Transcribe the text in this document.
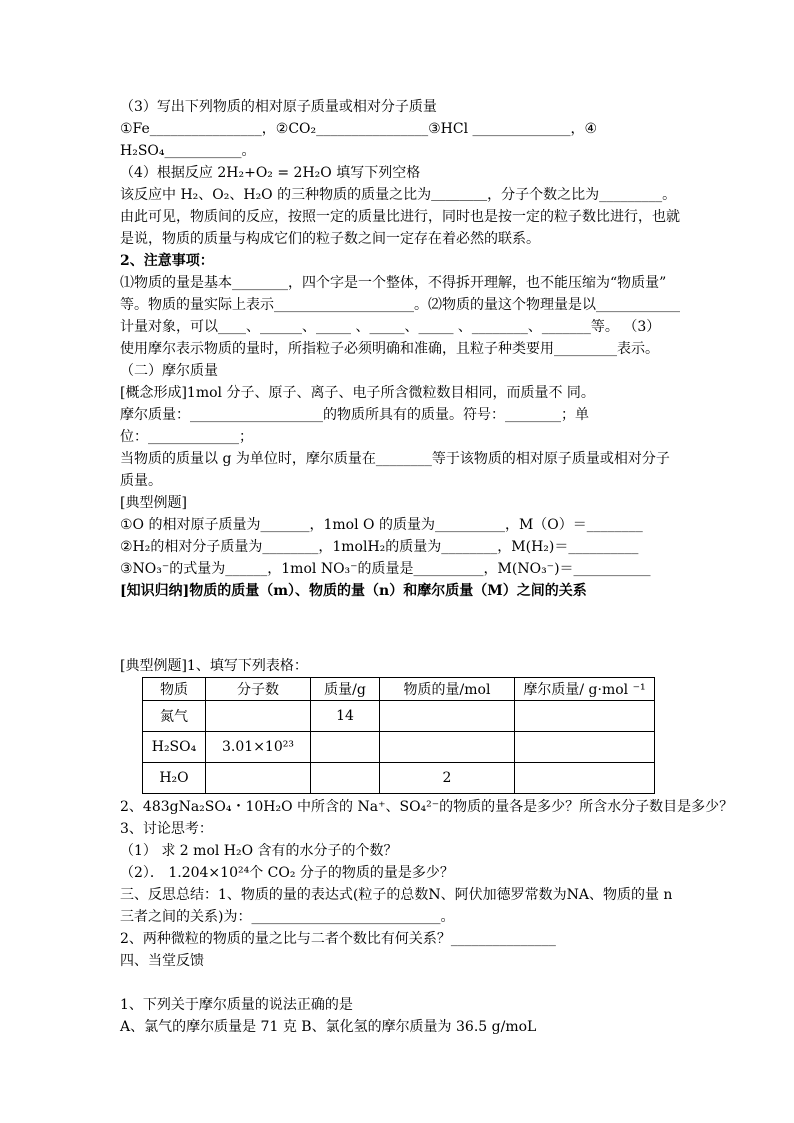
（3）写出下列物质的相对原子质量或相对分子质量
①Fe________________，②CO₂________________③HCl ______________，④
H₂SO₄___________。
（4）根据反应 2H₂+O₂ = 2H₂O 填写下列空格
该反应中 H₂、O₂、H₂O 的三种物质的质量之比为＿＿＿＿，分子个数之比为_________。
由此可见，物质间的反应，按照一定的质量比进行，同时也是按一定的粒子数比进行，也就
是说，物质的质量与构成它们的粒子数之间一定存在着必然的联系。
2、注意事项：
⑴物质的量是基本________，四个字是一个整体，不得拆开理解，也不能压缩为“物质量”
等。物质的量实际上表示____________________。⑵物质的量这个物理量是以____________
计量对象，可以____、______、_____ 、_____、_____ 、________、_______等。 （3）
使用摩尔表示物质的量时，所指粒子必须明确和准确，且粒子种类要用_________表示。
（二）摩尔质量
[概念形成]1mol 分子、原子、离子、电子所含微粒数目相同，而质量不 同。
摩尔质量：___________________的物质所具有的质量。符号：________；单
位：_____________；
当物质的质量以 g 为单位时，摩尔质量在________等于该物质的相对原子质量或相对分子
质量。
[典型例题]
①O 的相对原子质量为_______，1mol O 的质量为__________，M（O）＝________
②H₂的相对分子质量为________，1molH₂的质量为________，M(H₂)＝__________
③NO₃⁻的式量为______，1mol NO₃⁻的质量是__________，M(NO₃⁻)＝___________
[知识归纳]物质的质量（m）、物质的量（n）和摩尔质量（M）之间的关系
[典型例题]1、填写下列表格：
物质	分子数	质量/g	物质的量/mol	摩尔质量/ g·mol ⁻¹
氮气		14		
H₂SO₄	3.01×10²³			
H₂O			2	
2、483gNa₂SO₄・10H₂O 中所含的 Na⁺、SO₄²⁻的物质的量各是多少？所含水分子数目是多少？
3、讨论思考：
（1） 求 2 mol H₂O 含有的水分子的个数？
（2）． 1.204×10²⁴个 CO₂ 分子的物质的量是多少？
三、反思总结：1、物质的量的表达式(粒子的总数N、阿伏加德罗常数为NA、物质的量 n
三者之间的关系)为：___________________________。
2、两种微粒的物质的量之比与二者个数比有何关系？_______________
四、当堂反馈
1、下列关于摩尔质量的说法正确的是
A、氯气的摩尔质量是 71 克 B、氯化氢的摩尔质量为 36.5 g/moL
